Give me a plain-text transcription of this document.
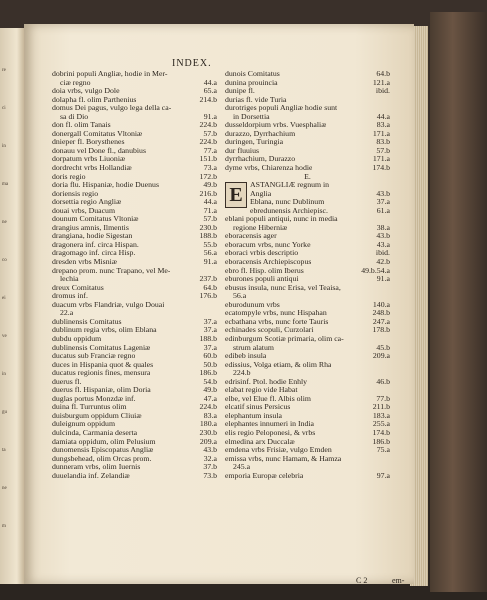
re
ci
in
ma
ne
co
ei
ve
in
gu
ta
ne
m
INDEX.
dobrini populi Angliæ, hodie in Mer-
ciæ regno	44.a
doia vrbs, vulgo Dole	65.a
dolapha fl. olim Parthenius	214.b
domus Dei pagus, vulgo lega della ca-
sa di Dio	91.a
don fl. olim Tanais	224.b
donergall Comitatus Vltoniæ	57.b
dnieper fl. Borysthenes	224.b
donauu vel Done fl., danubius	77.a
dorpatum vrbs Liuoniæ	151.b
dordrecht vrbs Hollandiæ	73.a
doris regio	172.b
doria flu. Hispaniæ, hodie Duenus	49.b
doriensis regio	216.b
dorsettia regio Angliæ	44.a
douai vrbs, Duacum	71.a
dounum Comitatus Vltoniæ	57.b
drangius amnis, Ilmentis	230.b
drangiana, hodie Sigestan	188.b
dragonera inf. circa Hispan.	55.b
dragomago inf. circa Hisp.	56.a
dresden vrbs Misniæ	91.a
drepano prom. nunc Trapano, vel Me-
lechia	237.b
dreux Comitatus	64.b
dromus inf.	176.b
duacum vrbs Flandriæ, vulgo Douai
22.a
dublinensis Comitatus	37.a
dublinum regia vrbs, olim Eblana	37.a
dubdu oppidum	188.b
dublinensis Comitatus Lageniæ	37.a
ducatus sub Franciæ regno	60.b
duces in Hispania quot & quales	50.b
ducatus regionis fines, mensura	186.b
duerus fl.	54.b
duerus fl. Hispaniæ, olim Doria	49.b
duglas portus Monzdæ inf.	47.a
duina fl. Turruntus olim	224.b
duisburgum oppidum Cliuiæ	83.a
duleignum oppidum	180.a
dulcinda, Carmania deserta	230.b
damiata oppidum, olim Pelusium	209.a
dunomensis Episcopatus Angliæ	43.b
dungsbehead, olim Orcas prom.	32.a
dunneram vrbs, olim Iuernis	37.b
duuelandia inf. Zelandiæ	73.b
dunois Comitatus	64.b
dunina prouincia	121.a
dunipe fl.	ibid.
durias fl. vide Turia
durotriges populi Angliæ hodie sunt
in Dorsettia	44.a
dusseldorpium vrbs. Vuesphaliæ	83.a
durazzo, Dyrrhachium	171.a
duringen, Turingia	83.b
dur fluuius	57.b
dyrrhachium, Durazzo	171.a
dyme vrbs, Chiarenza hodie	174.b
E.
E ASTANGLIÆ regnum in
Anglia	43.b
Eblana, nunc Dublinum	37.a
ebredunensis Archiepisc.	61.a
eblani populi antiqui, nunc in media
regione Hiberniæ	38.a
eboracensis ager	43.b
eboracum vrbs, nunc Yorke	43.a
eboraci vrbis descriptio	ibid.
eboracensis Archiepiscopus	42.b
ebro fl. Hisp. olim Iberus	49.b.54.a
eburones populi antiqui	91.a
ebusus insula, nunc Erisa, vel Teaisa,
56.a
eburodunum vrbs	140.a
ecatompyle vrbs, nunc Hispahan	248.b
ecbathana vrbs, nunc forte Tauris	247.a
echinades scopuli, Curzolari	178.b
edinburgum Scotiæ primaria, olim ca-
strum alatum	45.b
edibeb insula	209.a
edissius, Volga etiam, & olim Rha
224.b
edrisinf. Ptol. hodie Enhly	46.b
elabat regio vide Habat
elbe, vel Elue fl. Albis olim	77.b
elcatif sinus Persicus	211.b
elephantum insula	183.a
elephantes innumeri in India	255.a
elis regio Peloponesi, & vrbs	174.b
elmedina arx Duccalæ	186.b
emdena vrbs Frisiæ, vulgo Emden	75.a
emissa vrbs, nunc Hamam, & Hamza
245.a
emporia Europæ celebria	97.a
C 2	em-
